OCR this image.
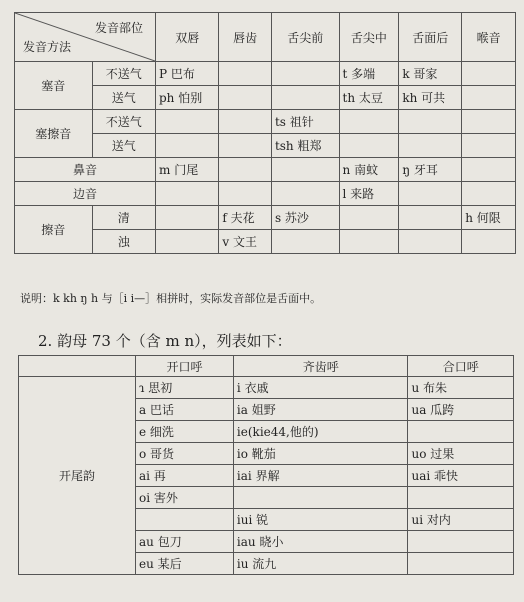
发音部位
发音方法		双唇	唇齿	舌尖前	舌尖中	舌面后	喉音
塞音	不送气	P 巴布			t 多端	k 哥家	
	送气	ph 怕别			th 太豆	kh 可共	
塞擦音	不送气			ts 祖针			
	送气			tsh 粗郑			
鼻音		m 门尾			n 南蚊	ŋ 牙耳	
边音					l 来路		
擦音	清		f 夫花	s 苏沙			h 何限
	浊		v 文王				
说明：k kh ŋ h 与［i i—］相拼时，实际发音部位是舌面中。
2. 韵母 73 个（含 m n），列表如下：
	开口呼	齐齿呼	合口呼
开尾韵	ɿ 思初	i 衣戚	u 布朱
	a 巴话	ia 姐野	ua 瓜跨
	e 细洗	ie(kie44,他的)	
	o 哥货	io 靴茄	uo 过果
	ai 再	iai 界解	uai 乖快
	oi 害外		
		iui 锐	ui 对内
	au 包刀	iau 晓小	
	eu 某后	iu 流九	
